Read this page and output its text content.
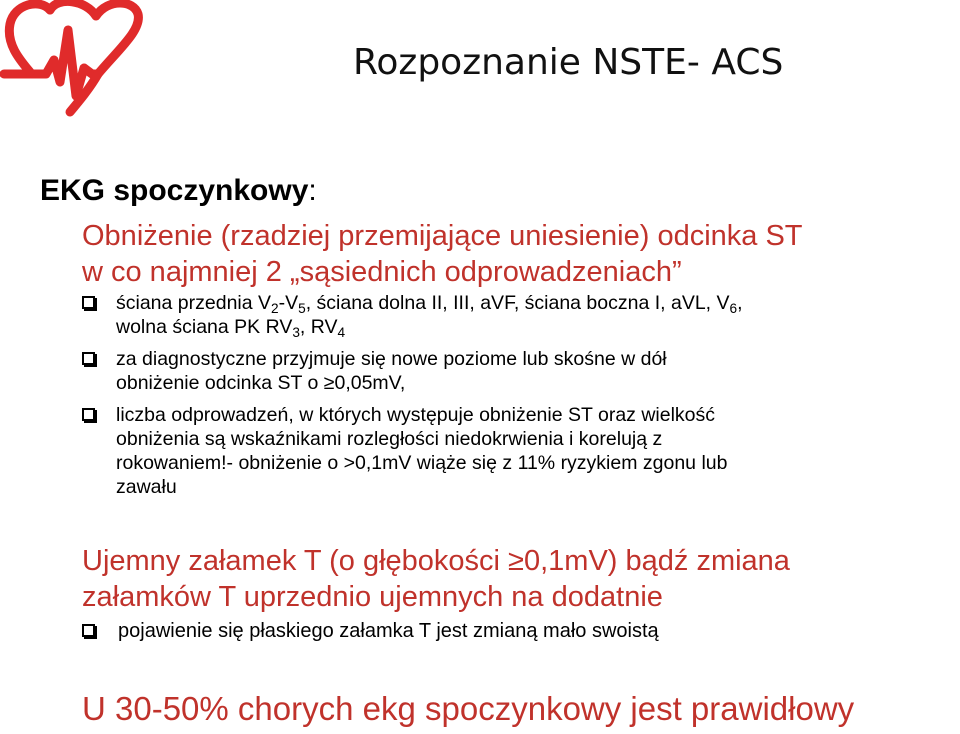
Rozpoznanie NSTE- ACS
EKG spoczynkowy:
Obniżenie (rzadziej przemijające uniesienie) odcinka ST
w co najmniej 2 „sąsiednich odprowadzeniach”
ściana przednia $V_2-V_5$, ściana dolna II, III, aVF, ściana boczna I, aVL, $V_6$,
wolna ściana PK $RV_3$, $RV_4$
za diagnostyczne przyjmuje się nowe poziome lub skośne w dół
obniżenie odcinka ST o ≥0,05mV,
liczba odprowadzeń, w których występuje obniżenie ST oraz wielkość
obniżenia są wskaźnikami rozległości niedokrwienia i korelują z
rokowaniem!- obniżenie o >0,1mV wiąże się z 11% ryzykiem zgonu lub
zawału
Ujemny załamek T (o głębokości ≥0,1mV) bądź zmiana
załamków T uprzednio ujemnych na dodatnie
pojawienie się płaskiego załamka T jest zmianą mało swoistą
U 30-50% chorych ekg spoczynkowy jest prawidłowy
